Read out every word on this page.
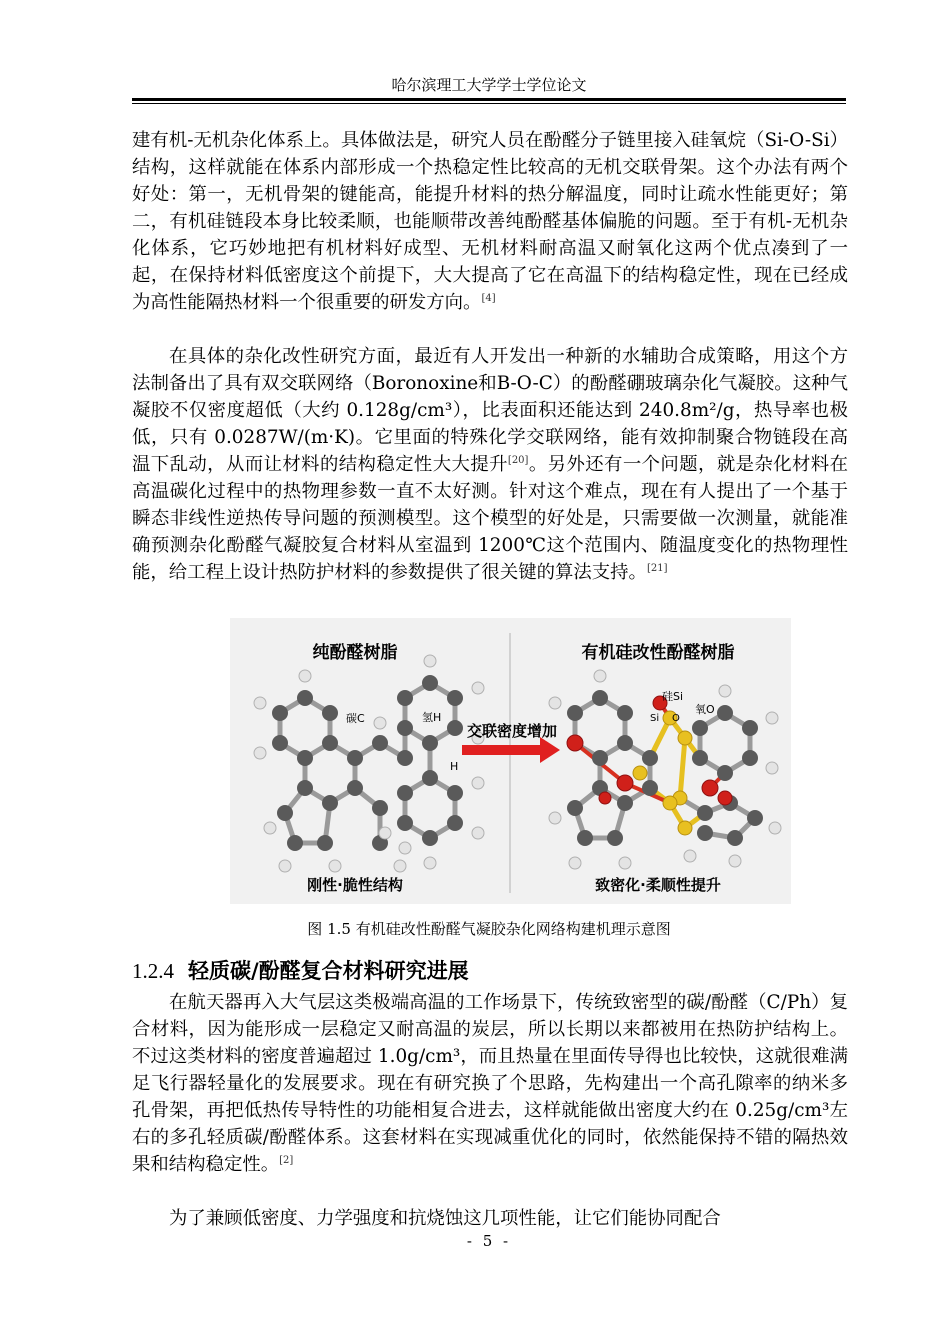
哈尔滨理工大学学士学位论文

建有机-无机杂化体系上。具体做法是，研究人员在酚醛分子链里接入硅氧烷（Si-O-Si）结构，这样就能在体系内部形成一个热稳定性比较高的无机交联骨架。这个办法有两个好处：第一，无机骨架的键能高，能提升材料的热分解温度，同时让疏水性能更好；第二，有机硅链段本身比较柔顺，也能顺带改善纯酚醛基体偏脆的问题。至于有机-无机杂化体系，它巧妙地把有机材料好成型、无机材料耐高温又耐氧化这两个优点凑到了一起，在保持材料低密度这个前提下，大大提高了它在高温下的结构稳定性，现在已经成为高性能隔热材料一个很重要的研发方向。[4]

在具体的杂化改性研究方面，最近有人开发出一种新的水辅助合成策略，用这个方法制备出了具有双交联网络（Boronoxine和B-O-C）的酚醛硼玻璃杂化气凝胶。这种气凝胶不仅密度超低（大约 0.128g/cm³），比表面积还能达到 240.8m²/g，热导率也极低，只有 0.0287W/(m·K)。它里面的特殊化学交联网络，能有效抑制聚合物链段在高温下乱动，从而让材料的结构稳定性大大提升[20]。另外还有一个问题，就是杂化材料在高温碳化过程中的热物理参数一直不太好测。针对这个难点，现在有人提出了一个基于瞬态非线性逆热传导问题的预测模型。这个模型的好处是，只需要做一次测量，就能准确预测杂化酚醛气凝胶复合材料从室温到 1200℃这个范围内、随温度变化的热物理性能，给工程上设计热防护材料的参数提供了很关键的算法支持。[21]

纯酚醛树脂	有机硅改性酚醛树脂
碳C	氢H
H
交联密度增加
硅Si
Si
氧O
O
刚性·脆性结构	致密化·柔顺性提升
图 1.5 有机硅改性酚醛气凝胶杂化网络构建机理示意图
1.2.4 轻质碳/酚醛复合材料研究进展

在航天器再入大气层这类极端高温的工作场景下，传统致密型的碳/酚醛（C/Ph）复合材料，因为能形成一层稳定又耐高温的炭层，所以长期以来都被用在热防护结构上。不过这类材料的密度普遍超过 1.0g/cm³，而且热量在里面传导得也比较快，这就很难满足飞行器轻量化的发展要求。现在有研究换了个思路，先构建出一个高孔隙率的纳米多孔骨架，再把低热传导特性的功能相复合进去，这样就能做出密度大约在 0.25g/cm³左右的多孔轻质碳/酚醛体系。这套材料在实现减重优化的同时，依然能保持不错的隔热效果和结构稳定性。[2]

为了兼顾低密度、力学强度和抗烧蚀这几项性能，让它们能协同配合

- 5 -
